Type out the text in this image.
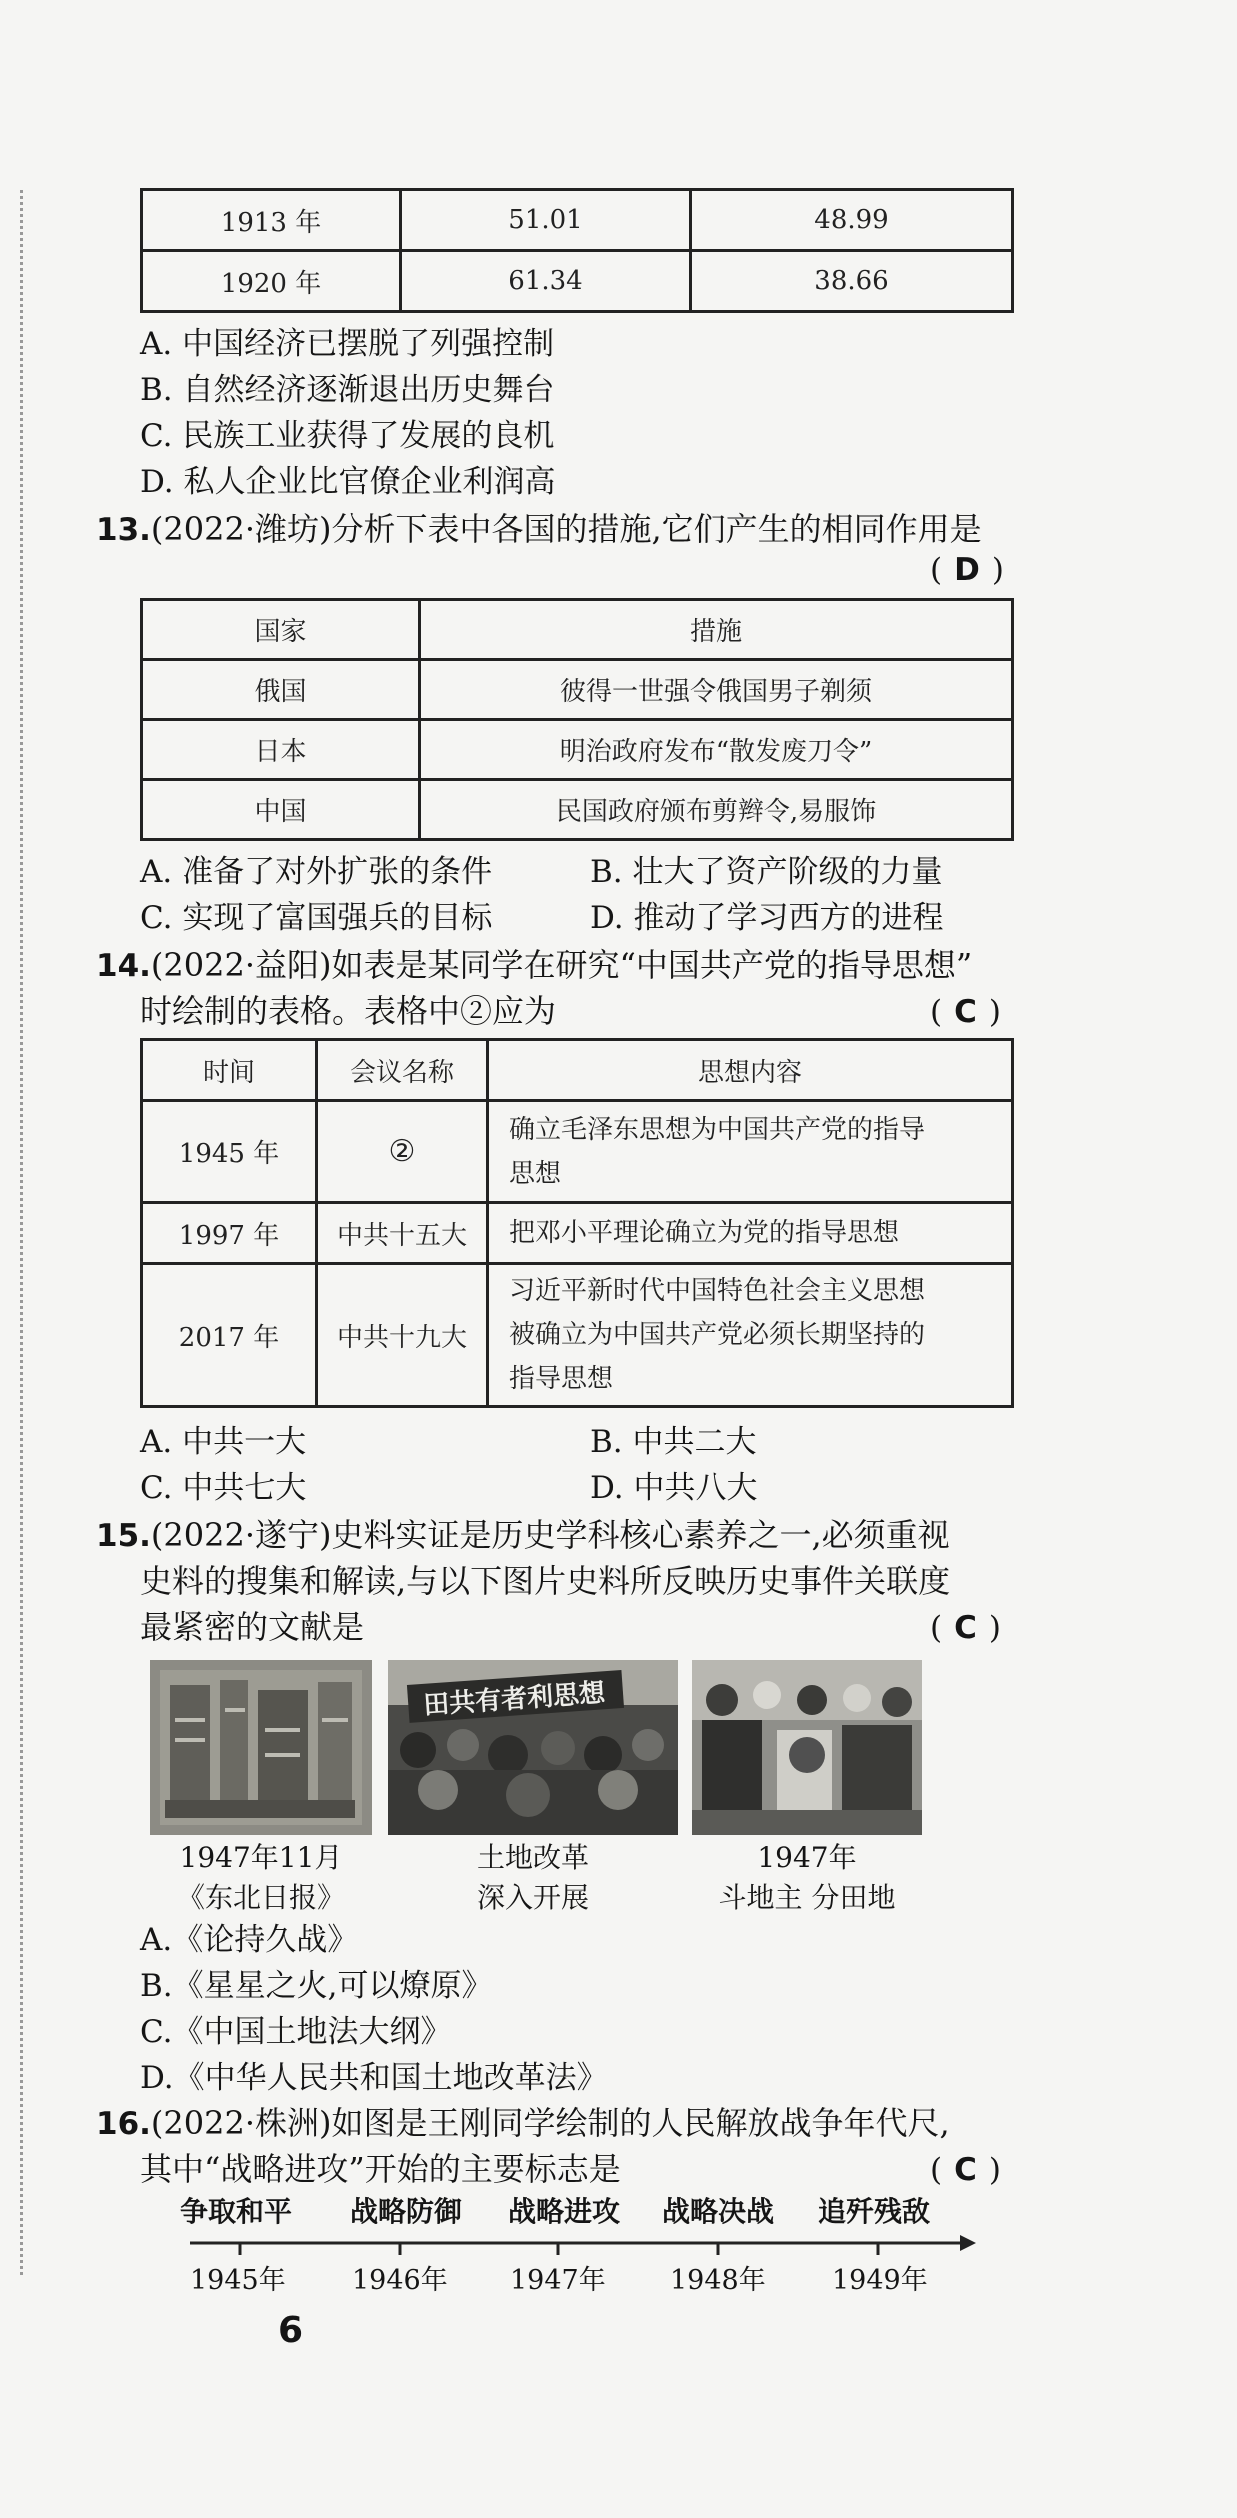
1913 年	51.01	48.99
1920 年	61.34	38.66
A. 中国经济已摆脱了列强控制
B. 自然经济逐渐退出历史舞台
C. 民族工业获得了发展的良机
D. 私人企业比官僚企业利润高
13.(2022·潍坊)分析下表中各国的措施,它们产生的相同作用是
( D )
国家	措施
俄国	彼得一世强令俄国男子剃须
日本	明治政府发布“散发废刀令”
中国	民国政府颁布剪辫令,易服饰
A. 准备了对外扩张的条件	B. 壮大了资产阶级的力量
C. 实现了富国强兵的目标	D. 推动了学习西方的进程
14.(2022·益阳)如表是某同学在研究“中国共产党的指导思想”
时绘制的表格。表格中②应为	( C )
时间	会议名称	思想内容
1945 年	②	确立毛泽东思想为中国共产党的指导
思想

1997 年	中共十五大	把邓小平理论确立为党的指导思想

2017 年	中共十九大	习近平新时代中国特色社会主义思想
被确立为中国共产党必须长期坚持的
指导思想
A. 中共一大	B. 中共二大
C. 中共七大	D. 中共八大
15.(2022·遂宁)史料实证是历史学科核心素养之一,必须重视
史料的搜集和解读,与以下图片史料所反映历史事件关联度
最紧密的文献是	( C )
田共有者利思想
1947年11月
《东北日报》
土地改革
深入开展
1947年
斗地主 分田地
A.《论持久战》
B.《星星之火,可以燎原》
C.《中国土地法大纲》
D.《中华人民共和国土地改革法》
16.(2022·株洲)如图是王刚同学绘制的人民解放战争年代尺,
其中“战略进攻”开始的主要标志是	( C )
争取和平 战略防御 战略进攻 战略决战 追歼残敌
1945年 1946年 1947年 1948年 1949年
6
